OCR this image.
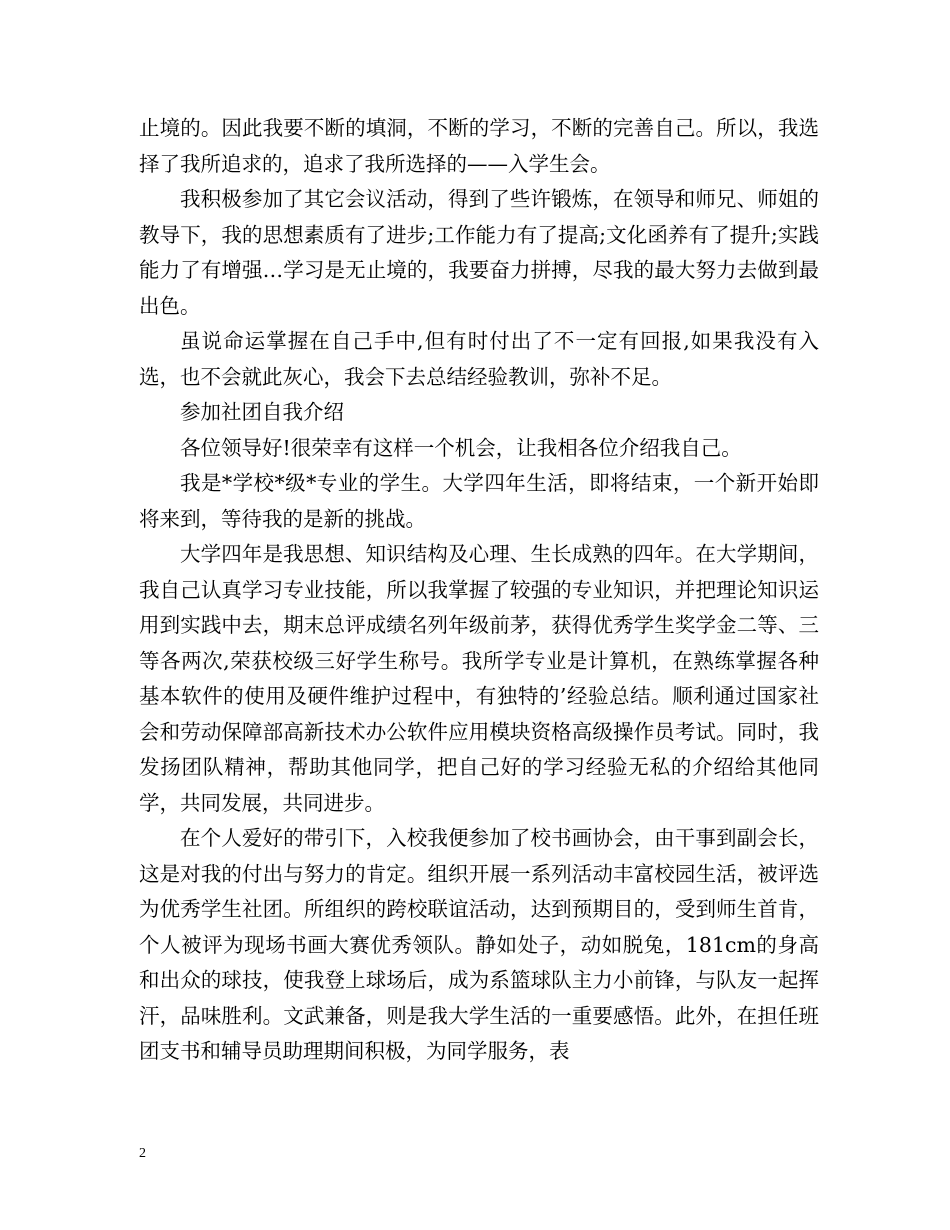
止境的。因此我要不断的填洞，不断的学习，不断的完善自己。所以，我选择了我所追求的，追求了我所选择的——入学生会。

我积极参加了其它会议活动，得到了些许锻炼，在领导和师兄、师姐的教导下，我的思想素质有了进步;工作能力有了提高;文化函养有了提升;实践能力了有增强…学习是无止境的，我要奋力拼搏，尽我的最大努力去做到最出色。

虽说命运掌握在自己手中,但有时付出了不一定有回报,如果我没有入选，也不会就此灰心，我会下去总结经验教训，弥补不足。

参加社团自我介绍

各位领导好!很荣幸有这样一个机会，让我相各位介绍我自己。

我是*学校*级*专业的学生。大学四年生活，即将结束，一个新开始即将来到，等待我的是新的挑战。

大学四年是我思想、知识结构及心理、生长成熟的四年。在大学期间，我自己认真学习专业技能，所以我掌握了较强的专业知识，并把理论知识运用到实践中去，期末总评成绩名列年级前茅，获得优秀学生奖学金二等、三等各两次,荣获校级三好学生称号。我所学专业是计算机，在熟练掌握各种基本软件的使用及硬件维护过程中，有独特的’经验总结。顺利通过国家社会和劳动保障部高新技术办公软件应用模块资格高级操作员考试。同时，我发扬团队精神，帮助其他同学，把自己好的学习经验无私的介绍给其他同学，共同发展，共同进步。

在个人爱好的带引下，入校我便参加了校书画协会，由干事到副会长，这是对我的付出与努力的肯定。组织开展一系列活动丰富校园生活，被评选为优秀学生社团。所组织的跨校联谊活动，达到预期目的，受到师生首肯，个人被评为现场书画大赛优秀领队。静如处子，动如脱兔，181cm的身高和出众的球技，使我登上球场后，成为系篮球队主力小前锋，与队友一起挥汗，品味胜利。文武兼备，则是我大学生活的一重要感悟。此外，在担任班团支书和辅导员助理期间积极，为同学服务，表

2
